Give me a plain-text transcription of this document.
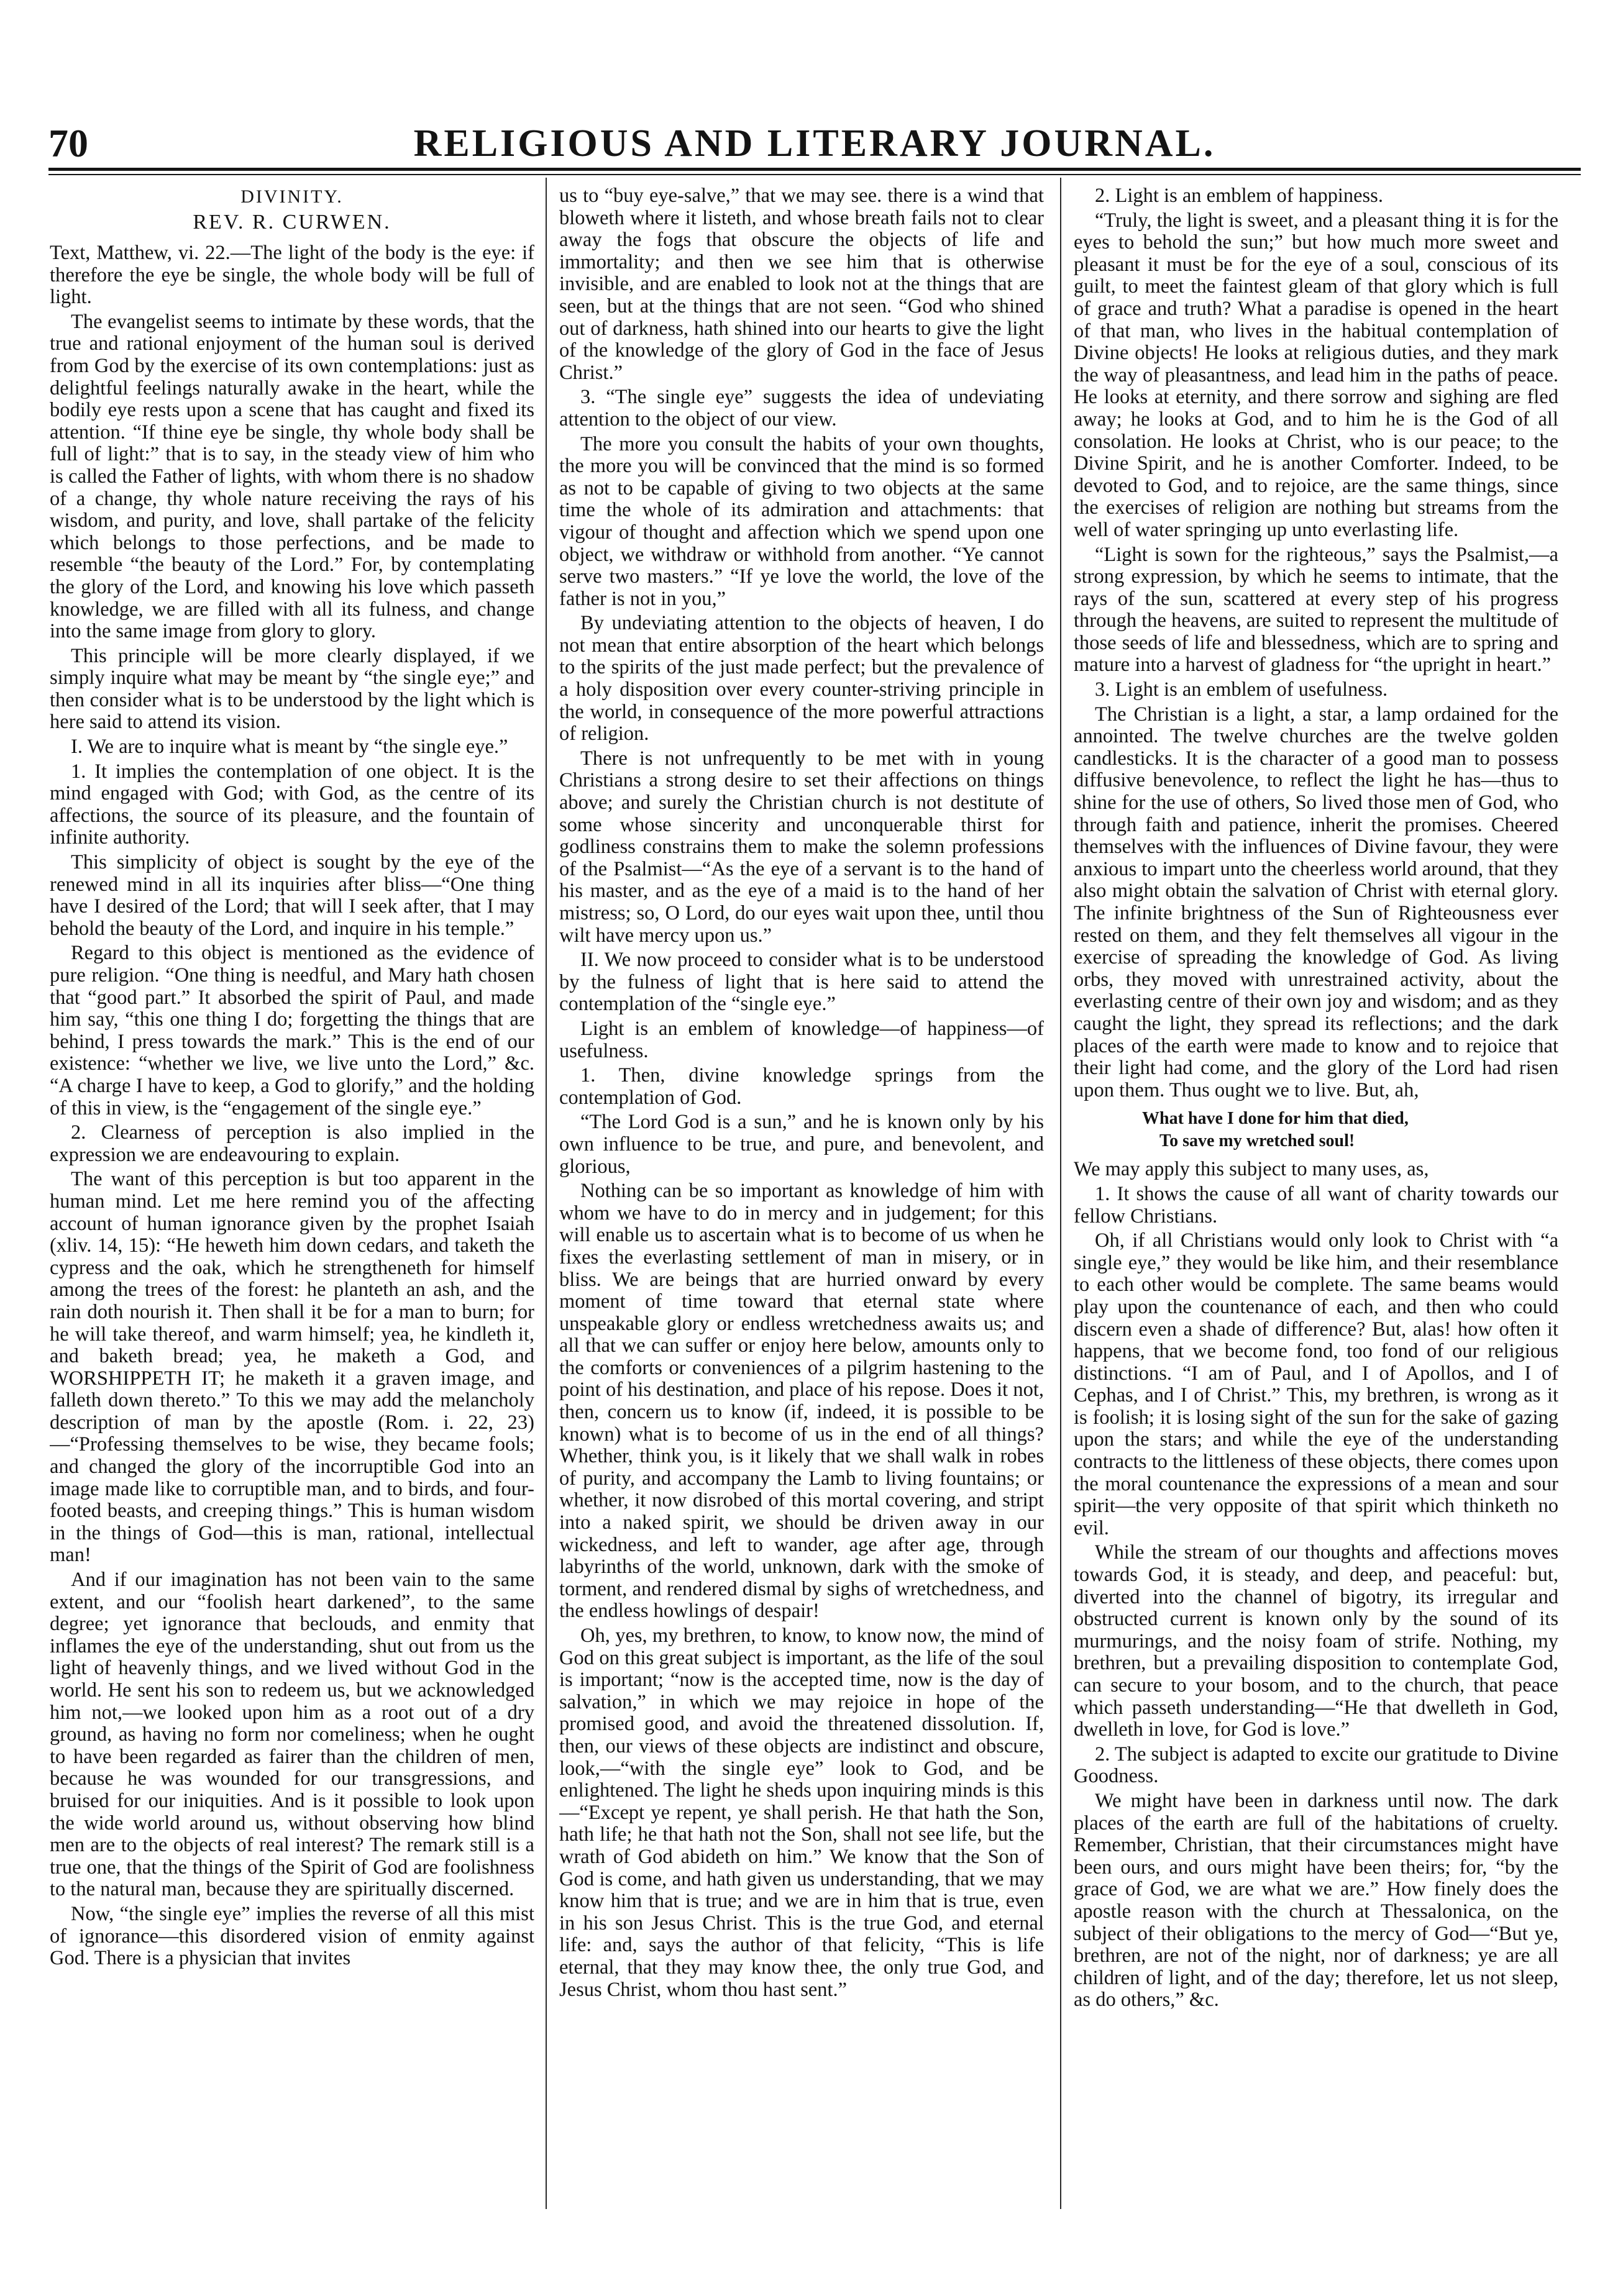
70	RELIGIOUS AND LITERARY JOURNAL.
DIVINITY.
REV. R. CURWEN.

Text, Matthew, vi. 22.—The light of the body is the eye: if therefore the eye be single, the whole body will be full of light.

The evangelist seems to intimate by these words, that the true and rational enjoyment of the human soul is derived from God by the exercise of its own contemplations: just as delightful feelings naturally awake in the heart, while the bodily eye rests upon a scene that has caught and fixed its attention. “If thine eye be single, thy whole body shall be full of light:” that is to say, in the steady view of him who is called the Father of lights, with whom there is no shadow of a change, thy whole nature receiving the rays of his wisdom, and purity, and love, shall partake of the felicity which belongs to those perfections, and be made to resemble “the beauty of the Lord.” For, by contemplating the glory of the Lord, and knowing his love which passeth knowledge, we are filled with all its fulness, and change into the same image from glory to glory.

This principle will be more clearly displayed, if we simply inquire what may be meant by “the single eye;” and then consider what is to be understood by the light which is here said to attend its vision.

I. We are to inquire what is meant by “the single eye.”

1. It implies the contemplation of one object. It is the mind engaged with God; with God, as the centre of its affections, the source of its pleasure, and the fountain of infinite authority.

This simplicity of object is sought by the eye of the renewed mind in all its inquiries after bliss—“One thing have I desired of the Lord; that will I seek after, that I may behold the beauty of the Lord, and inquire in his temple.”

Regard to this object is mentioned as the evidence of pure religion. “One thing is needful, and Mary hath chosen that “good part.” It absorbed the spirit of Paul, and made him say, “this one thing I do; forgetting the things that are behind, I press towards the mark.” This is the end of our existence: “whether we live, we live unto the Lord,” &c. “A charge I have to keep, a God to glorify,” and the holding of this in view, is the “engagement of the single eye.”

2. Clearness of perception is also implied in the expression we are endeavouring to explain.

The want of this perception is but too apparent in the human mind. Let me here remind you of the affecting account of human ignorance given by the prophet Isaiah (xliv. 14, 15): “He heweth him down cedars, and taketh the cypress and the oak, which he strengtheneth for himself among the trees of the forest: he planteth an ash, and the rain doth nourish it. Then shall it be for a man to burn; for he will take thereof, and warm himself; yea, he kindleth it, and baketh bread; yea, he maketh a God, and WORSHIPPETH IT; he maketh it a graven image, and falleth down thereto.” To this we may add the melancholy description of man by the apostle (Rom. i. 22, 23)—“Professing themselves to be wise, they became fools; and changed the glory of the incorruptible God into an image made like to corruptible man, and to birds, and four-footed beasts, and creeping things.” This is human wisdom in the things of God—this is man, rational, intellectual man!

And if our imagination has not been vain to the same extent, and our “foolish heart darkened”, to the same degree; yet ignorance that beclouds, and enmity that inflames the eye of the understanding, shut out from us the light of heavenly things, and we lived without God in the world. He sent his son to redeem us, but we acknowledged him not,—we looked upon him as a root out of a dry ground, as having no form nor comeliness; when he ought to have been regarded as fairer than the children of men, because he was wounded for our transgressions, and bruised for our iniquities. And is it possible to look upon the wide world around us, without observing how blind men are to the objects of real interest? The remark still is a true one, that the things of the Spirit of God are foolishness to the natural man, because they are spiritually discerned.

Now, “the single eye” implies the reverse of all this mist of ignorance—this disordered vision of enmity against God. There is a physician that invites

us to “buy eye-salve,” that we may see. there is a wind that bloweth where it listeth, and whose breath fails not to clear away the fogs that obscure the objects of life and immortality; and then we see him that is otherwise invisible, and are enabled to look not at the things that are seen, but at the things that are not seen. “God who shined out of darkness, hath shined into our hearts to give the light of the knowledge of the glory of God in the face of Jesus Christ.”

3. “The single eye” suggests the idea of undeviating attention to the object of our view.

The more you consult the habits of your own thoughts, the more you will be convinced that the mind is so formed as not to be capable of giving to two objects at the same time the whole of its admiration and attachments: that vigour of thought and affection which we spend upon one object, we withdraw or withhold from another. “Ye cannot serve two masters.” “If ye love the world, the love of the father is not in you,”

By undeviating attention to the objects of heaven, I do not mean that entire absorption of the heart which belongs to the spirits of the just made perfect; but the prevalence of a holy disposition over every counter-striving principle in the world, in consequence of the more powerful attractions of religion.

There is not unfrequently to be met with in young Christians a strong desire to set their affections on things above; and surely the Christian church is not destitute of some whose sincerity and unconquerable thirst for godliness constrains them to make the solemn professions of the Psalmist—“As the eye of a servant is to the hand of his master, and as the eye of a maid is to the hand of her mistress; so, O Lord, do our eyes wait upon thee, until thou wilt have mercy upon us.”

II. We now proceed to consider what is to be understood by the fulness of light that is here said to attend the contemplation of the “single eye.”

Light is an emblem of knowledge—of happiness—of usefulness.

1. Then, divine knowledge springs from the contemplation of God.

“The Lord God is a sun,” and he is known only by his own influence to be true, and pure, and benevolent, and glorious,

Nothing can be so important as knowledge of him with whom we have to do in mercy and in judgement; for this will enable us to ascertain what is to become of us when he fixes the everlasting settlement of man in misery, or in bliss. We are beings that are hurried onward by every moment of time toward that eternal state where unspeakable glory or endless wretchedness awaits us; and all that we can suffer or enjoy here below, amounts only to the comforts or conveniences of a pilgrim hastening to the point of his destination, and place of his repose. Does it not, then, concern us to know (if, indeed, it is possible to be known) what is to become of us in the end of all things? Whether, think you, is it likely that we shall walk in robes of purity, and accompany the Lamb to living fountains; or whether, it now disrobed of this mortal covering, and stript into a naked spirit, we should be driven away in our wickedness, and left to wander, age after age, through labyrinths of the world, unknown, dark with the smoke of torment, and rendered dismal by sighs of wretchedness, and the endless howlings of despair!

Oh, yes, my brethren, to know, to know now, the mind of God on this great subject is important, as the life of the soul is important; “now is the accepted time, now is the day of salvation,” in which we may rejoice in hope of the promised good, and avoid the threatened dissolution. If, then, our views of these objects are indistinct and obscure, look,—“with the single eye” look to God, and be enlightened. The light he sheds upon inquiring minds is this—“Except ye repent, ye shall perish. He that hath the Son, hath life; he that hath not the Son, shall not see life, but the wrath of God abideth on him.” We know that the Son of God is come, and hath given us understanding, that we may know him that is true; and we are in him that is true, even in his son Jesus Christ. This is the true God, and eternal life: and, says the author of that felicity, “This is life eternal, that they may know thee, the only true God, and Jesus Christ, whom thou hast sent.”

2. Light is an emblem of happiness.

“Truly, the light is sweet, and a pleasant thing it is for the eyes to behold the sun;” but how much more sweet and pleasant it must be for the eye of a soul, conscious of its guilt, to meet the faintest gleam of that glory which is full of grace and truth? What a paradise is opened in the heart of that man, who lives in the habitual contemplation of Divine objects! He looks at religious duties, and they mark the way of pleasantness, and lead him in the paths of peace. He looks at eternity, and there sorrow and sighing are fled away; he looks at God, and to him he is the God of all consolation. He looks at Christ, who is our peace; to the Divine Spirit, and he is another Comforter. Indeed, to be devoted to God, and to rejoice, are the same things, since the exercises of religion are nothing but streams from the well of water springing up unto everlasting life.

“Light is sown for the righteous,” says the Psalmist,—a strong expression, by which he seems to intimate, that the rays of the sun, scattered at every step of his progress through the heavens, are suited to represent the multitude of those seeds of life and blessedness, which are to spring and mature into a harvest of gladness for “the upright in heart.”

3. Light is an emblem of usefulness.

The Christian is a light, a star, a lamp ordained for the annointed. The twelve churches are the twelve golden candlesticks. It is the character of a good man to possess diffusive benevolence, to reflect the light he has—thus to shine for the use of others, So lived those men of God, who through faith and patience, inherit the promises. Cheered themselves with the influences of Divine favour, they were anxious to impart unto the cheerless world around, that they also might obtain the salvation of Christ with eternal glory. The infinite brightness of the Sun of Righteousness ever rested on them, and they felt themselves all vigour in the exercise of spreading the knowledge of God. As living orbs, they moved with unrestrained activity, about the everlasting centre of their own joy and wisdom; and as they caught the light, they spread its reflections; and the dark places of the earth were made to know and to rejoice that their light had come, and the glory of the Lord had risen upon them. Thus ought we to live. But, ah,

What have I done for him that died,
To save my wretched soul!

We may apply this subject to many uses, as,

1. It shows the cause of all want of charity towards our fellow Christians.

Oh, if all Christians would only look to Christ with “a single eye,” they would be like him, and their resemblance to each other would be complete. The same beams would play upon the countenance of each, and then who could discern even a shade of difference? But, alas! how often it happens, that we become fond, too fond of our religious distinctions. “I am of Paul, and I of Apollos, and I of Cephas, and I of Christ.” This, my brethren, is wrong as it is foolish; it is losing sight of the sun for the sake of gazing upon the stars; and while the eye of the understanding contracts to the littleness of these objects, there comes upon the moral countenance the expressions of a mean and sour spirit—the very opposite of that spirit which thinketh no evil.

While the stream of our thoughts and affections moves towards God, it is steady, and deep, and peaceful: but, diverted into the channel of bigotry, its irregular and obstructed current is known only by the sound of its murmurings, and the noisy foam of strife. Nothing, my brethren, but a prevailing disposition to contemplate God, can secure to your bosom, and to the church, that peace which passeth understanding—“He that dwelleth in God, dwelleth in love, for God is love.”

2. The subject is adapted to excite our gratitude to Divine Goodness.

We might have been in darkness until now. The dark places of the earth are full of the habitations of cruelty. Remember, Christian, that their circumstances might have been ours, and ours might have been theirs; for, “by the grace of God, we are what we are.” How finely does the apostle reason with the church at Thessalonica, on the subject of their obligations to the mercy of God—“But ye, brethren, are not of the night, nor of darkness; ye are all children of light, and of the day; therefore, let us not sleep, as do others,” &c.
